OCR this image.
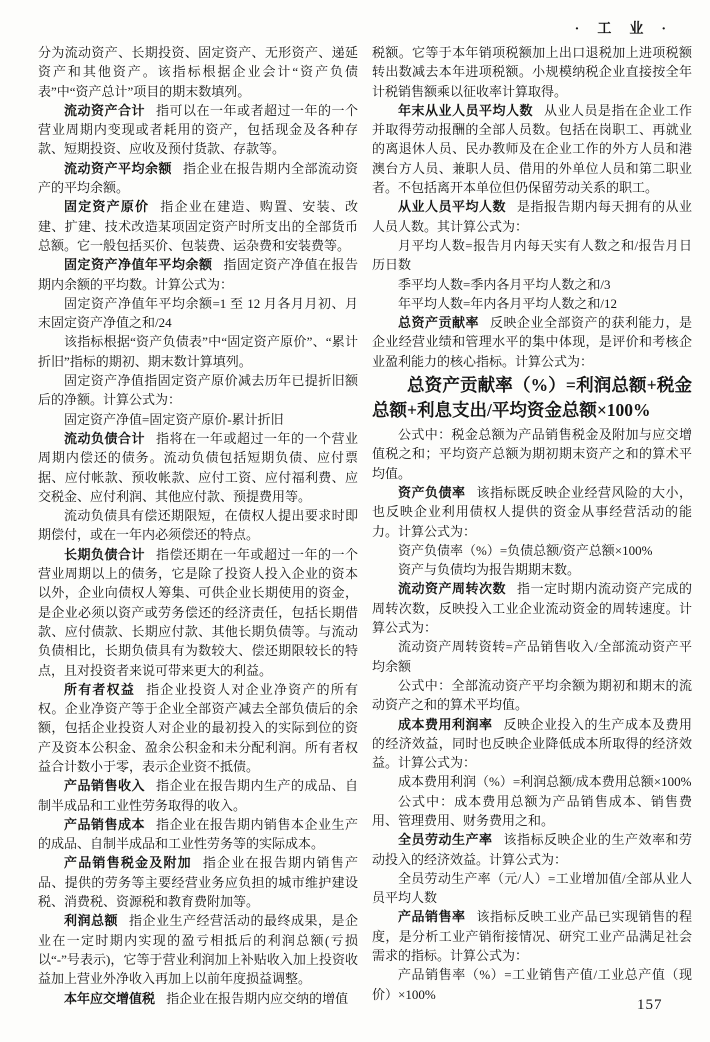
·　工　业　·

分为流动资产、长期投资、固定资产、无形资产、递延资产和其他资产。该指标根据企业会计“资产负债表”中“资产总计”项目的期末数填列。

流动资产合计 指可以在一年或者超过一年的一个营业周期内变现或者耗用的资产，包括现金及各种存款、短期投资、应收及预付货款、存款等。

流动资产平均余额 指企业在报告期内全部流动资产的平均余额。

固定资产原价 指企业在建造、购置、安装、改建、扩建、技术改造某项固定资产时所支出的全部货币总额。它一般包括买价、包装费、运杂费和安装费等。

固定资产净值年平均余额 指固定资产净值在报告期内余额的平均数。计算公式为：

固定资产净值年平均余额=1 至 12 月各月月初、月末固定资产净值之和/24

该指标根据“资产负债表”中“固定资产原价”、“累计折旧”指标的期初、期末数计算填列。

固定资产净值指固定资产原价减去历年已提折旧额后的净额。计算公式为：

固定资产净值=固定资产原价-累计折旧

流动负债合计 指将在一年或超过一年的一个营业周期内偿还的债务。流动负债包括短期负债、应付票据、应付帐款、预收帐款、应付工资、应付福利费、应交税金、应付利润、其他应付款、预提费用等。

流动负债具有偿还期限短，在债权人提出要求时即期偿付，或在一年内必须偿还的特点。

长期负债合计 指偿还期在一年或超过一年的一个营业周期以上的债务，它是除了投资人投入企业的资本以外，企业向债权人筹集、可供企业长期使用的资金，是企业必须以资产或劳务偿还的经济责任，包括长期借款、应付债款、长期应付款、其他长期负债等。与流动负债相比，长期负债具有为数较大、偿还期限较长的特点，且对投资者来说可带来更大的利益。

所有者权益 指企业投资人对企业净资产的所有权。企业净资产等于企业全部资产减去全部负债后的余额，包括企业投资人对企业的最初投入的实际到位的资产及资本公积金、盈余公积金和未分配利润。所有者权益合计数小于零，表示企业资不抵债。

产品销售收入 指企业在报告期内生产的成品、自制半成品和工业性劳务取得的收入。

产品销售成本 指企业在报告期内销售本企业生产的成品、自制半成品和工业性劳务等的实际成本。

产品销售税金及附加 指企业在报告期内销售产品、提供的劳务等主要经营业务应负担的城市维护建设税、消费税、资源税和教育费附加等。

利润总额 指企业生产经营活动的最终成果，是企业在一定时期内实现的盈亏相抵后的利润总额(亏损以“-”号表示)，它等于营业利润加上补贴收入加上投资收益加上营业外净收入再加上以前年度损益调整。

本年应交增值税 指企业在报告期内应交纳的增值

税额。它等于本年销项税额加上出口退税加上进项税额转出数减去本年进项税额。小规模纳税企业直接按全年计税销售额乘以征收率计算取得。

年末从业人员平均人数 从业人员是指在企业工作并取得劳动报酬的全部人员数。包括在岗职工、再就业的离退休人员、民办教师及在企业工作的外方人员和港澳台方人员、兼职人员、借用的外单位人员和第二职业者。不包括离开本单位但仍保留劳动关系的职工。

从业人员平均人数 是指报告期内每天拥有的从业人员人数。其计算公式为：

月平均人数=报告月内每天实有人数之和/报告月日历日数

季平均人数=季内各月平均人数之和/3

年平均人数=年内各月平均人数之和/12

总资产贡献率 反映企业全部资产的获利能力，是企业经营业绩和管理水平的集中体现，是评价和考核企业盈利能力的核心指标。计算公式为：

总资产贡献率（%）=利润总额+税金总额+利息支出/平均资金总额×100%

公式中：税金总额为产品销售税金及附加与应交增值税之和；平均资产总额为期初期末资产之和的算术平均值。

资产负债率 该指标既反映企业经营风险的大小，也反映企业利用债权人提供的资金从事经营活动的能力。计算公式为：

资产负债率（%）=负债总额/资产总额×100%

资产与负债均为报告期期末数。

流动资产周转次数 指一定时期内流动资产完成的周转次数，反映投入工业企业流动资金的周转速度。计算公式为：

流动资产周转资转=产品销售收入/全部流动资产平均余额

公式中：全部流动资产平均余额为期初和期末的流动资产之和的算术平均值。

成本费用利润率 反映企业投入的生产成本及费用的经济效益，同时也反映企业降低成本所取得的经济效益。计算公式为：

成本费用利润（%）=利润总额/成本费用总额×100%

公式中：成本费用总额为产品销售成本、销售费用、管理费用、财务费用之和。

全员劳动生产率 该指标反映企业的生产效率和劳动投入的经济效益。计算公式为：

全员劳动生产率（元/人）=工业增加值/全部从业人员平均人数

产品销售率 该指标反映工业产品已实现销售的程度，是分析工业产销衔接情况、研究工业产品满足社会需求的指标。计算公式为：

产品销售率（%）=工业销售产值/工业总产值（现价）×100%

157
